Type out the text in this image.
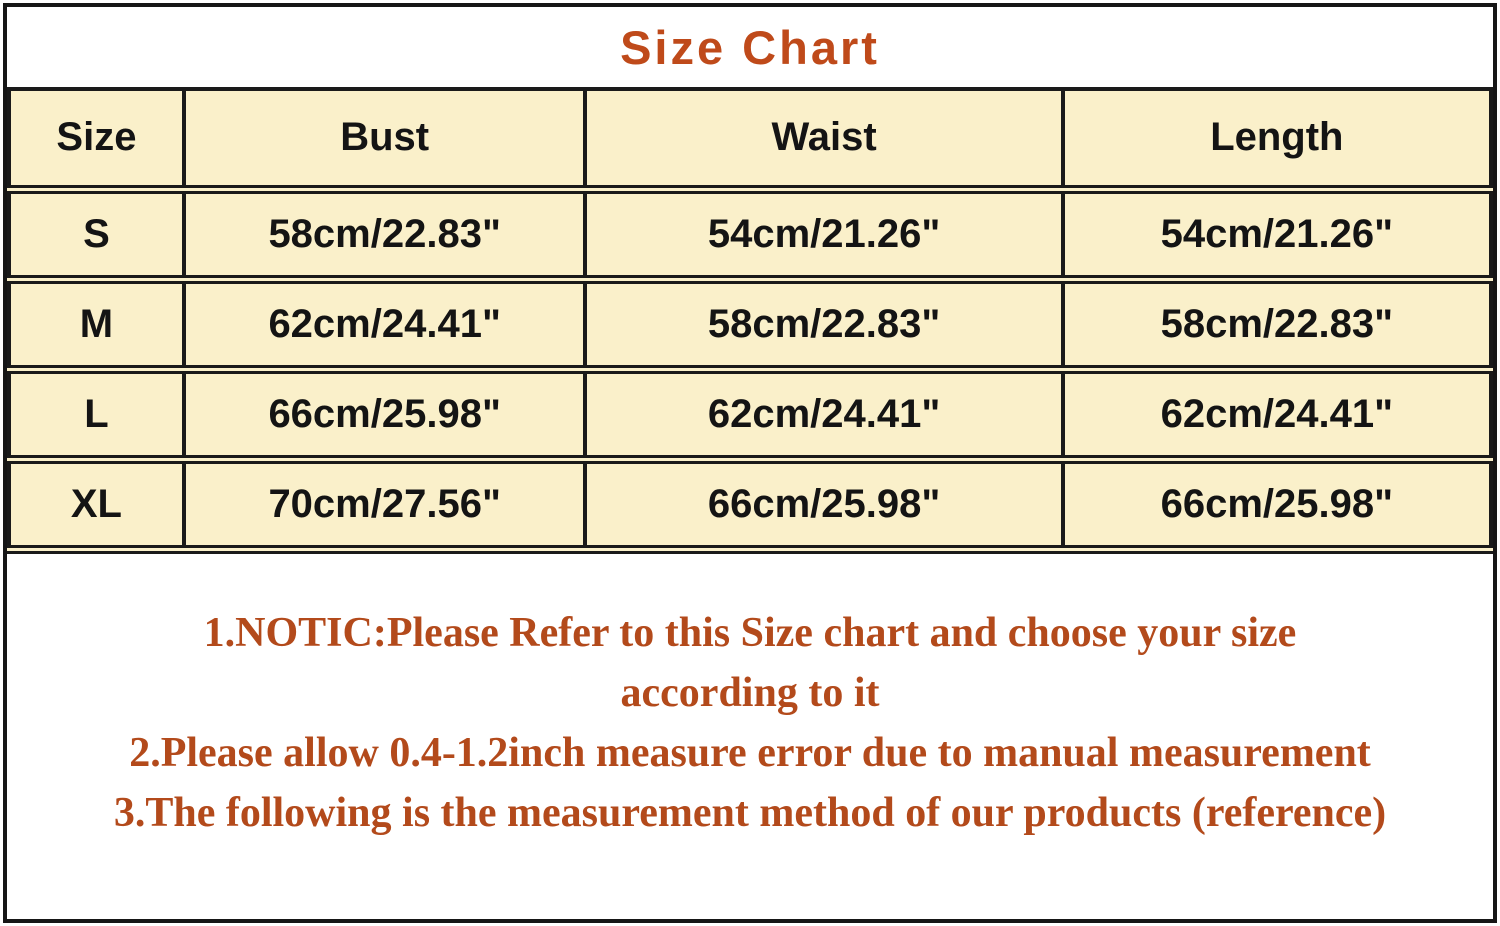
Size Chart
Size	Bust	Waist	Length
S	58cm/22.83"	54cm/21.26"	54cm/21.26"
M	62cm/24.41"	58cm/22.83"	58cm/22.83"
L	66cm/25.98"	62cm/24.41"	62cm/24.41"
XL	70cm/27.56"	66cm/25.98"	66cm/25.98"
1.NOTIC:Please Refer to this Size chart and choose your size
according to it
2.Please allow 0.4-1.2inch measure error due to manual measurement
3.The following is the measurement method of our products (reference)
